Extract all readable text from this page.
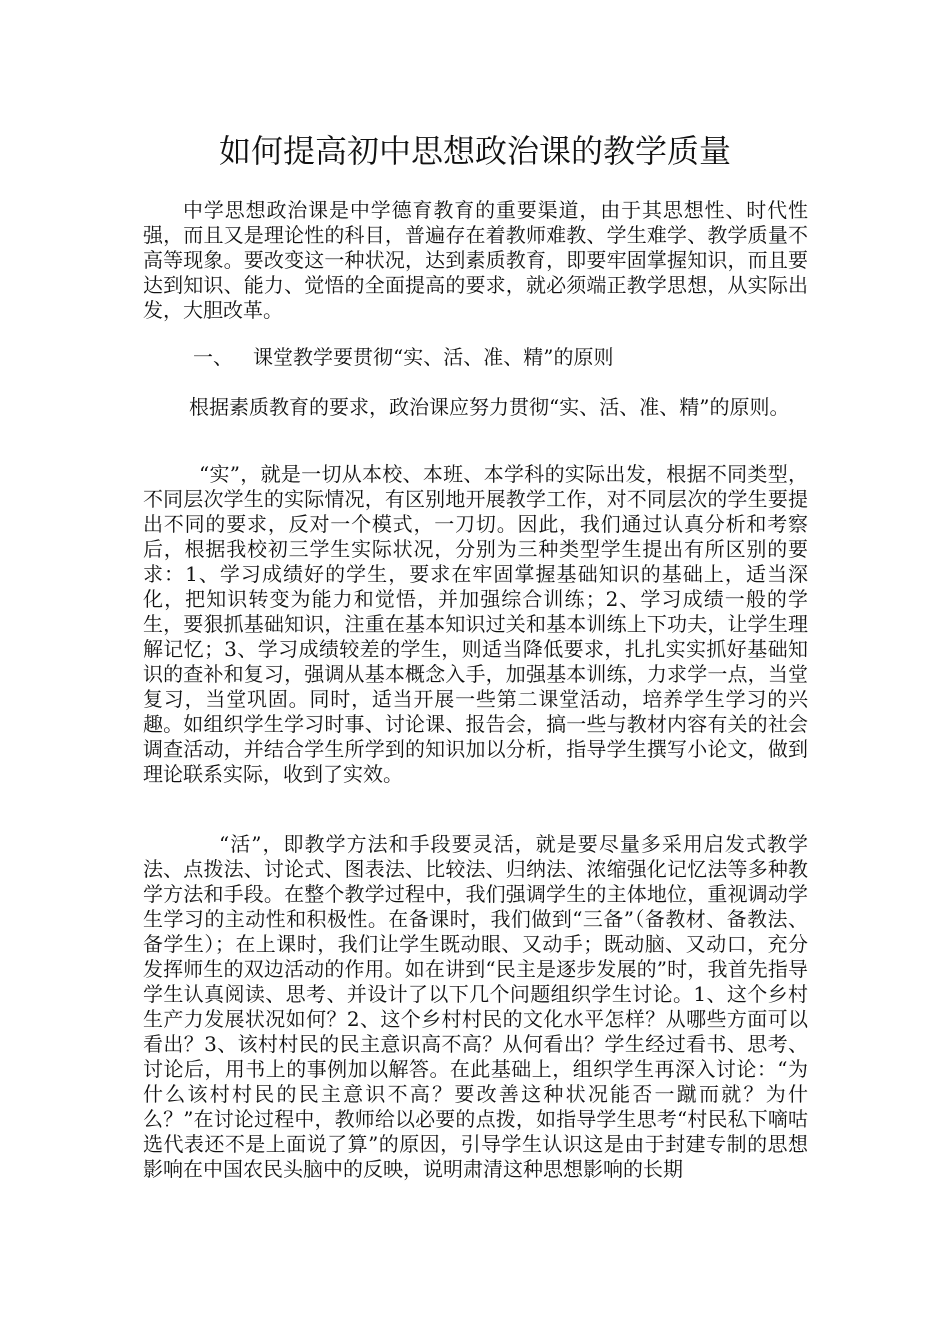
如何提高初中思想政治课的教学质量

中学思想政治课是中学德育教育的重要渠道，由于其思想性、时代性强，而且又是理论性的科目，普遍存在着教师难教、学生难学、教学质量不高等现象。要改变这一种状况，达到素质教育，即要牢固掌握知识，而且要达到知识、能力、觉悟的全面提高的要求，就必须端正教学思想，从实际出发，大胆改革。

一、 课堂教学要贯彻“实、活、准、精”的原则

根据素质教育的要求，政治课应努力贯彻“实、活、准、精”的原则。

“实”，就是一切从本校、本班、本学科的实际出发，根据不同类型，不同层次学生的实际情况，有区别地开展教学工作，对不同层次的学生要提出不同的要求，反对一个模式，一刀切。因此，我们通过认真分析和考察后，根据我校初三学生实际状况，分别为三种类型学生提出有所区别的要求：1、学习成绩好的学生，要求在牢固掌握基础知识的基础上，适当深化，把知识转变为能力和觉悟，并加强综合训练；2、学习成绩一般的学生，要狠抓基础知识，注重在基本知识过关和基本训练上下功夫，让学生理解记忆；3、学习成绩较差的学生，则适当降低要求，扎扎实实抓好基础知识的查补和复习，强调从基本概念入手，加强基本训练，力求学一点，当堂复习，当堂巩固。同时，适当开展一些第二课堂活动，培养学生学习的兴趣。如组织学生学习时事、讨论课、报告会，搞一些与教材内容有关的社会调查活动，并结合学生所学到的知识加以分析，指导学生撰写小论文，做到理论联系实际，收到了实效。

“活”，即教学方法和手段要灵活，就是要尽量多采用启发式教学法、点拨法、讨论式、图表法、比较法、归纳法、浓缩强化记忆法等多种教学方法和手段。在整个教学过程中，我们强调学生的主体地位，重视调动学生学习的主动性和积极性。在备课时，我们做到“三备”（备教材、备教法、备学生）；在上课时，我们让学生既动眼、又动手；既动脑、又动口，充分发挥师生的双边活动的作用。如在讲到“民主是逐步发展的”时，我首先指导学生认真阅读、思考、并设计了以下几个问题组织学生讨论。1、这个乡村生产力发展状况如何？2、这个乡村村民的文化水平怎样？从哪些方面可以看出？3、该村村民的民主意识高不高？从何看出？学生经过看书、思考、讨论后，用书上的事例加以解答。在此基础上，组织学生再深入讨论：“为什么该村村民的民主意识不高？要改善这种状况能否一蹴而就？为什么？”在讨论过程中，教师给以必要的点拨，如指导学生思考“村民私下嘀咕选代表还不是上面说了算”的原因，引导学生认识这是由于封建专制的思想影响在中国农民头脑中的反映，说明肃清这种思想影响的长期
